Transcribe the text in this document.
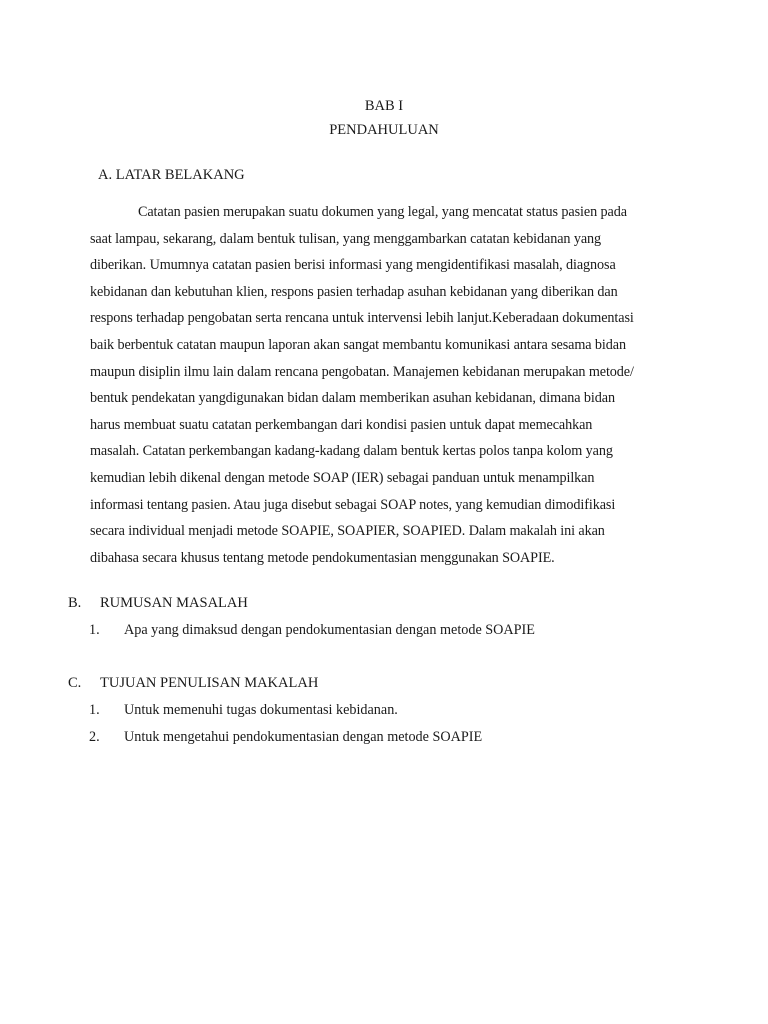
BAB I
PENDAHULUAN
A. LATAR BELAKANG
Catatan pasien merupakan suatu dokumen yang legal, yang mencatat status pasien pada
saat lampau, sekarang, dalam bentuk tulisan, yang menggambarkan catatan kebidanan yang
diberikan. Umumnya catatan pasien berisi informasi yang mengidentifikasi masalah, diagnosa
kebidanan dan kebutuhan klien, respons pasien terhadap asuhan kebidanan yang diberikan dan
respons terhadap pengobatan serta rencana untuk intervensi lebih lanjut.Keberadaan dokumentasi
baik berbentuk catatan maupun laporan akan sangat membantu komunikasi antara sesama bidan
maupun disiplin ilmu lain dalam rencana pengobatan. Manajemen kebidanan merupakan metode/
bentuk pendekatan yangdigunakan bidan dalam memberikan asuhan kebidanan, dimana bidan
harus membuat suatu catatan perkembangan dari kondisi pasien untuk dapat memecahkan
masalah. Catatan perkembangan kadang-kadang dalam bentuk kertas polos tanpa kolom yang
kemudian lebih dikenal dengan metode SOAP (IER) sebagai panduan untuk menampilkan
informasi tentang pasien. Atau juga disebut sebagai SOAP notes, yang kemudian dimodifikasi
secara individual menjadi metode SOAPIE, SOAPIER, SOAPIED. Dalam makalah ini akan
dibahasa secara khusus tentang metode pendokumentasian menggunakan SOAPIE.
B. RUMUSAN MASALAH
1. Apa yang dimaksud dengan pendokumentasian dengan metode SOAPIE
C. TUJUAN PENULISAN MAKALAH
1. Untuk memenuhi tugas dokumentasi kebidanan.
2. Untuk mengetahui pendokumentasian dengan metode SOAPIE
